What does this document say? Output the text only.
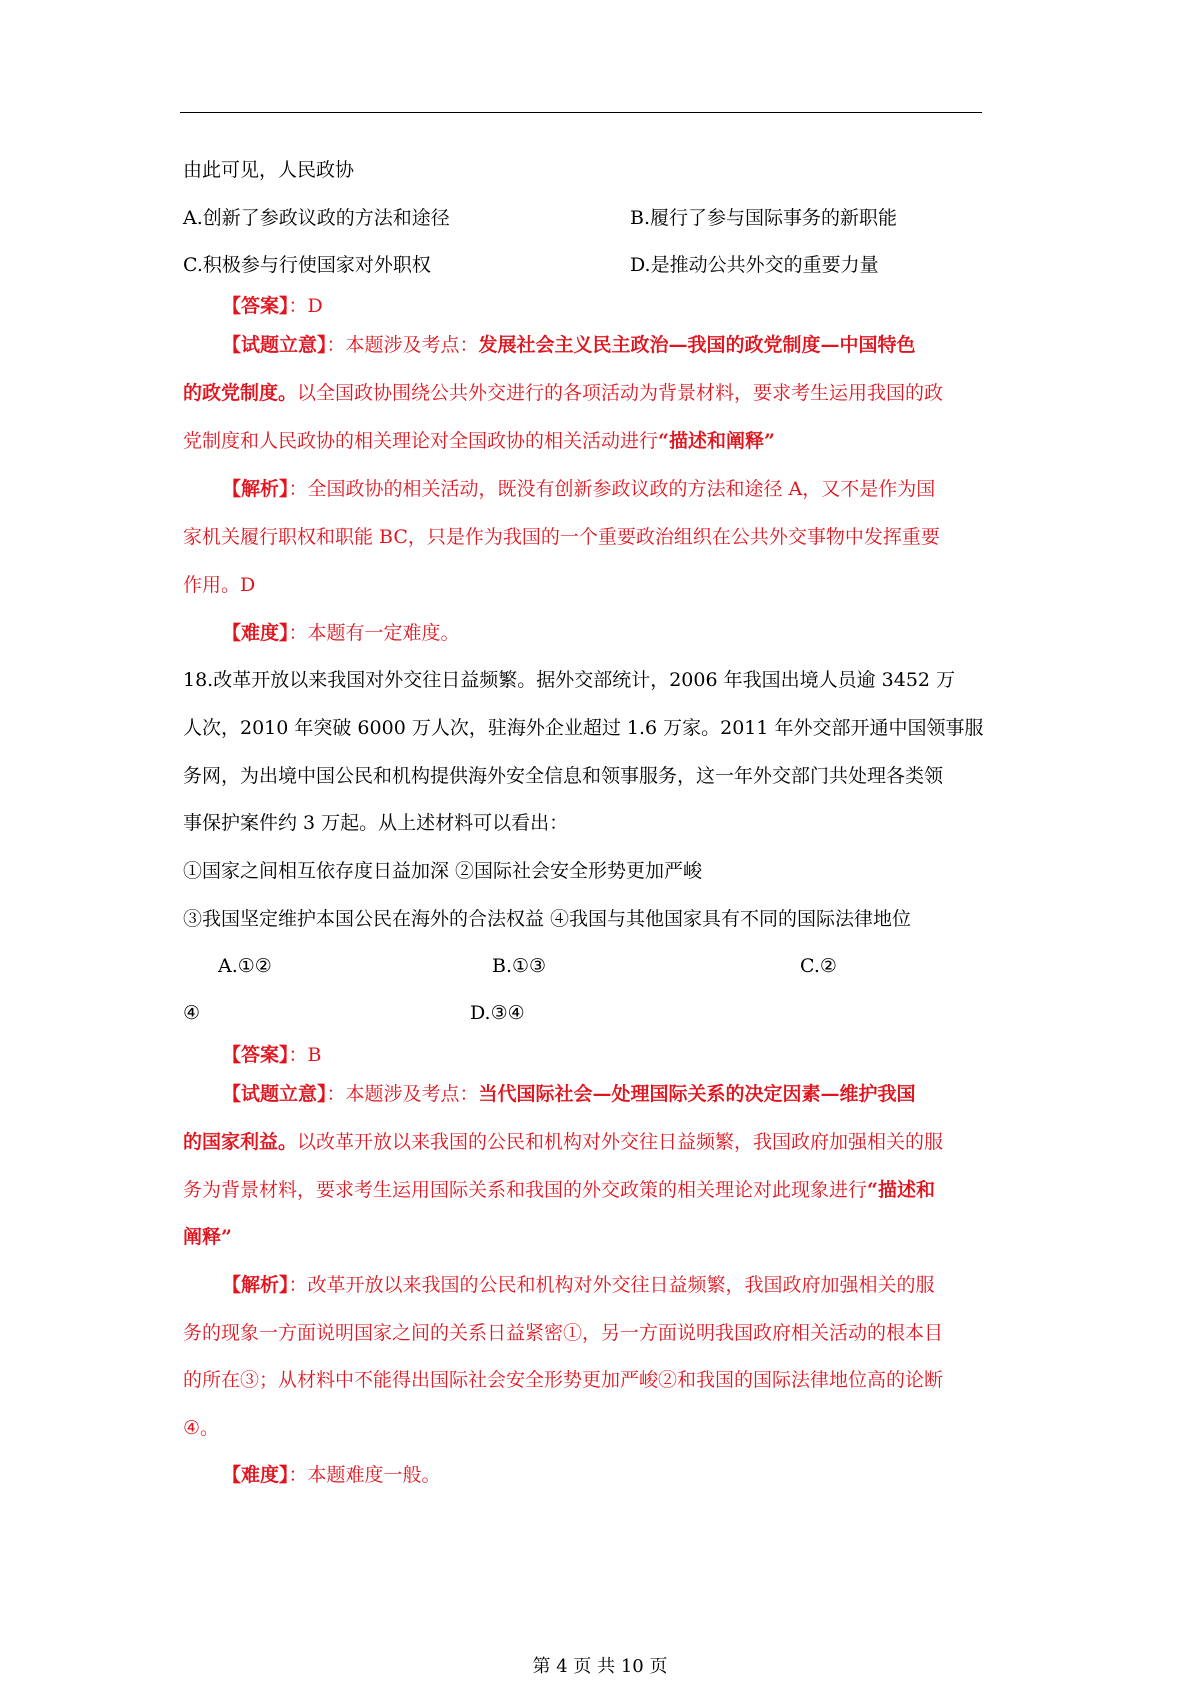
由此可见，人民政协
A.创新了参政议政的方法和途径	B.履行了参与国际事务的新职能
C.积极参与行使国家对外职权	D.是推动公共外交的重要力量
【答案】：D
【试题立意】：本题涉及考点：发展社会主义民主政治—我国的政党制度—中国特色
的政党制度。以全国政协围绕公共外交进行的各项活动为背景材料，要求考生运用我国的政
党制度和人民政协的相关理论对全国政协的相关活动进行“描述和阐释”
【解析】：全国政协的相关活动，既没有创新参政议政的方法和途径 A，又不是作为国
家机关履行职权和职能 BC，只是作为我国的一个重要政治组织在公共外交事物中发挥重要
作用。D
【难度】：本题有一定难度。
18.改革开放以来我国对外交往日益频繁。据外交部统计，2006 年我国出境人员逾 3452 万
人次，2010 年突破 6000 万人次，驻海外企业超过 1.6 万家。2011 年外交部开通中国领事服
务网，为出境中国公民和机构提供海外安全信息和领事服务，这一年外交部门共处理各类领
事保护案件约 3 万起。从上述材料可以看出：
①国家之间相互依存度日益加深 ②国际社会安全形势更加严峻
③我国坚定维护本国公民在海外的合法权益 ④我国与其他国家具有不同的国际法律地位
A.①②	B.①③	C.②
④	D.③④
【答案】：B
【试题立意】：本题涉及考点：当代国际社会—处理国际关系的决定因素—维护我国
的国家利益。以改革开放以来我国的公民和机构对外交往日益频繁，我国政府加强相关的服
务为背景材料，要求考生运用国际关系和我国的外交政策的相关理论对此现象进行“描述和
阐释”
【解析】：改革开放以来我国的公民和机构对外交往日益频繁，我国政府加强相关的服
务的现象一方面说明国家之间的关系日益紧密①，另一方面说明我国政府相关活动的根本目
的所在③；从材料中不能得出国际社会安全形势更加严峻②和我国的国际法律地位高的论断
④。
【难度】：本题难度一般。
第 4 页 共 10 页
